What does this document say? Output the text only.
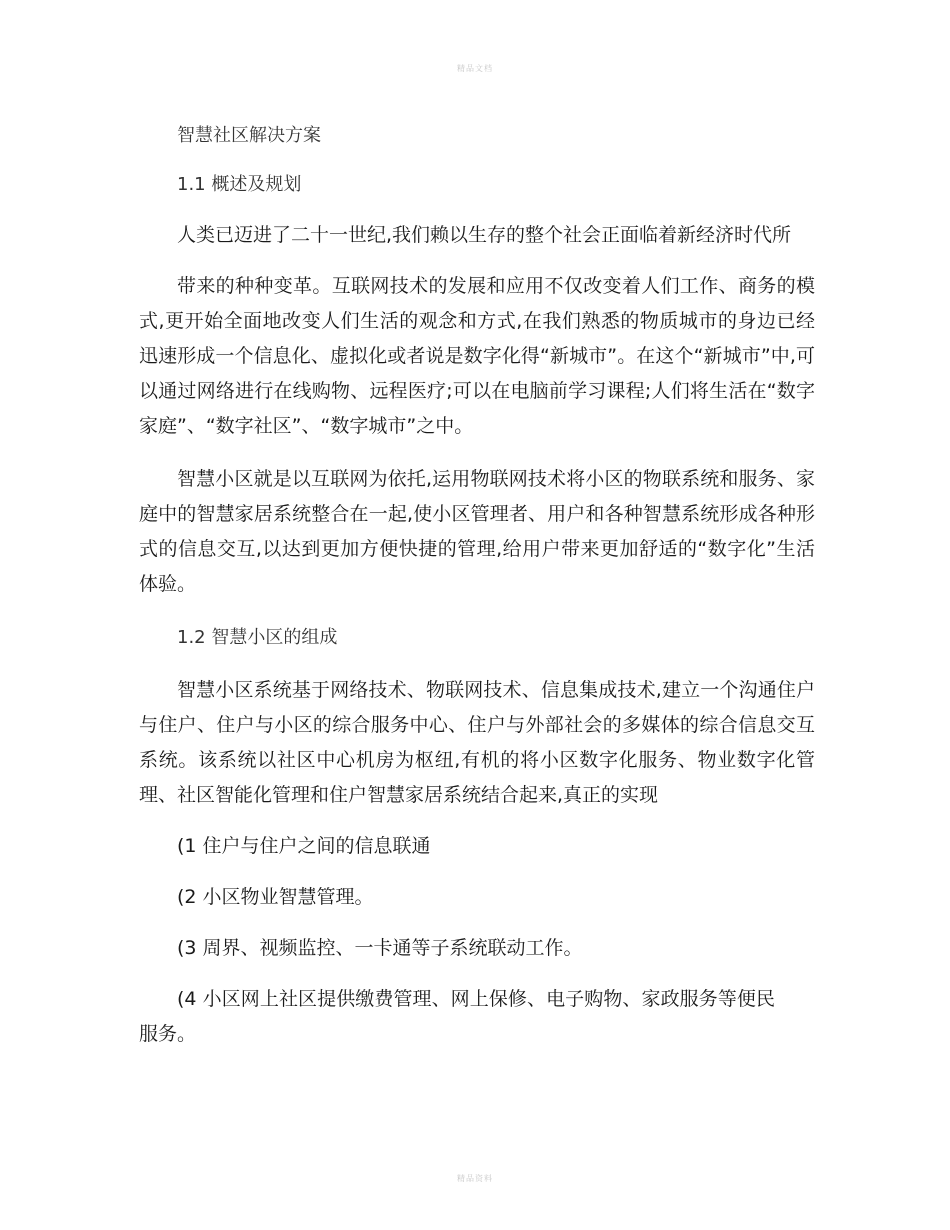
精品文档

智慧社区解决方案

1.1 概述及规划

人类已迈进了二十一世纪,我们赖以生存的整个社会正面临着新经济时代所

带来的种种变革。互联网技术的发展和应用不仅改变着人们工作、商务的模式,更开始全面地改变人们生活的观念和方式,在我们熟悉的物质城市的身边已经迅速形成一个信息化、虚拟化或者说是数字化得“新城市”。在这个“新城市”中,可以通过网络进行在线购物、远程医疗;可以在电脑前学习课程;人们将生活在“数字家庭”、“数字社区”、“数字城市”之中。

智慧小区就是以互联网为依托,运用物联网技术将小区的物联系统和服务、家庭中的智慧家居系统整合在一起,使小区管理者、用户和各种智慧系统形成各种形式的信息交互,以达到更加方便快捷的管理,给用户带来更加舒适的“数字化”生活体验。

1.2 智慧小区的组成

智慧小区系统基于网络技术、物联网技术、信息集成技术,建立一个沟通住户与住户、住户与小区的综合服务中心、住户与外部社会的多媒体的综合信息交互系统。该系统以社区中心机房为枢纽,有机的将小区数字化服务、物业数字化管理、社区智能化管理和住户智慧家居系统结合起来,真正的实现

(1 住户与住户之间的信息联通

(2 小区物业智慧管理。

(3 周界、视频监控、一卡通等子系统联动工作。

(4 小区网上社区提供缴费管理、网上保修、电子购物、家政服务等便民服务。

精品资料
